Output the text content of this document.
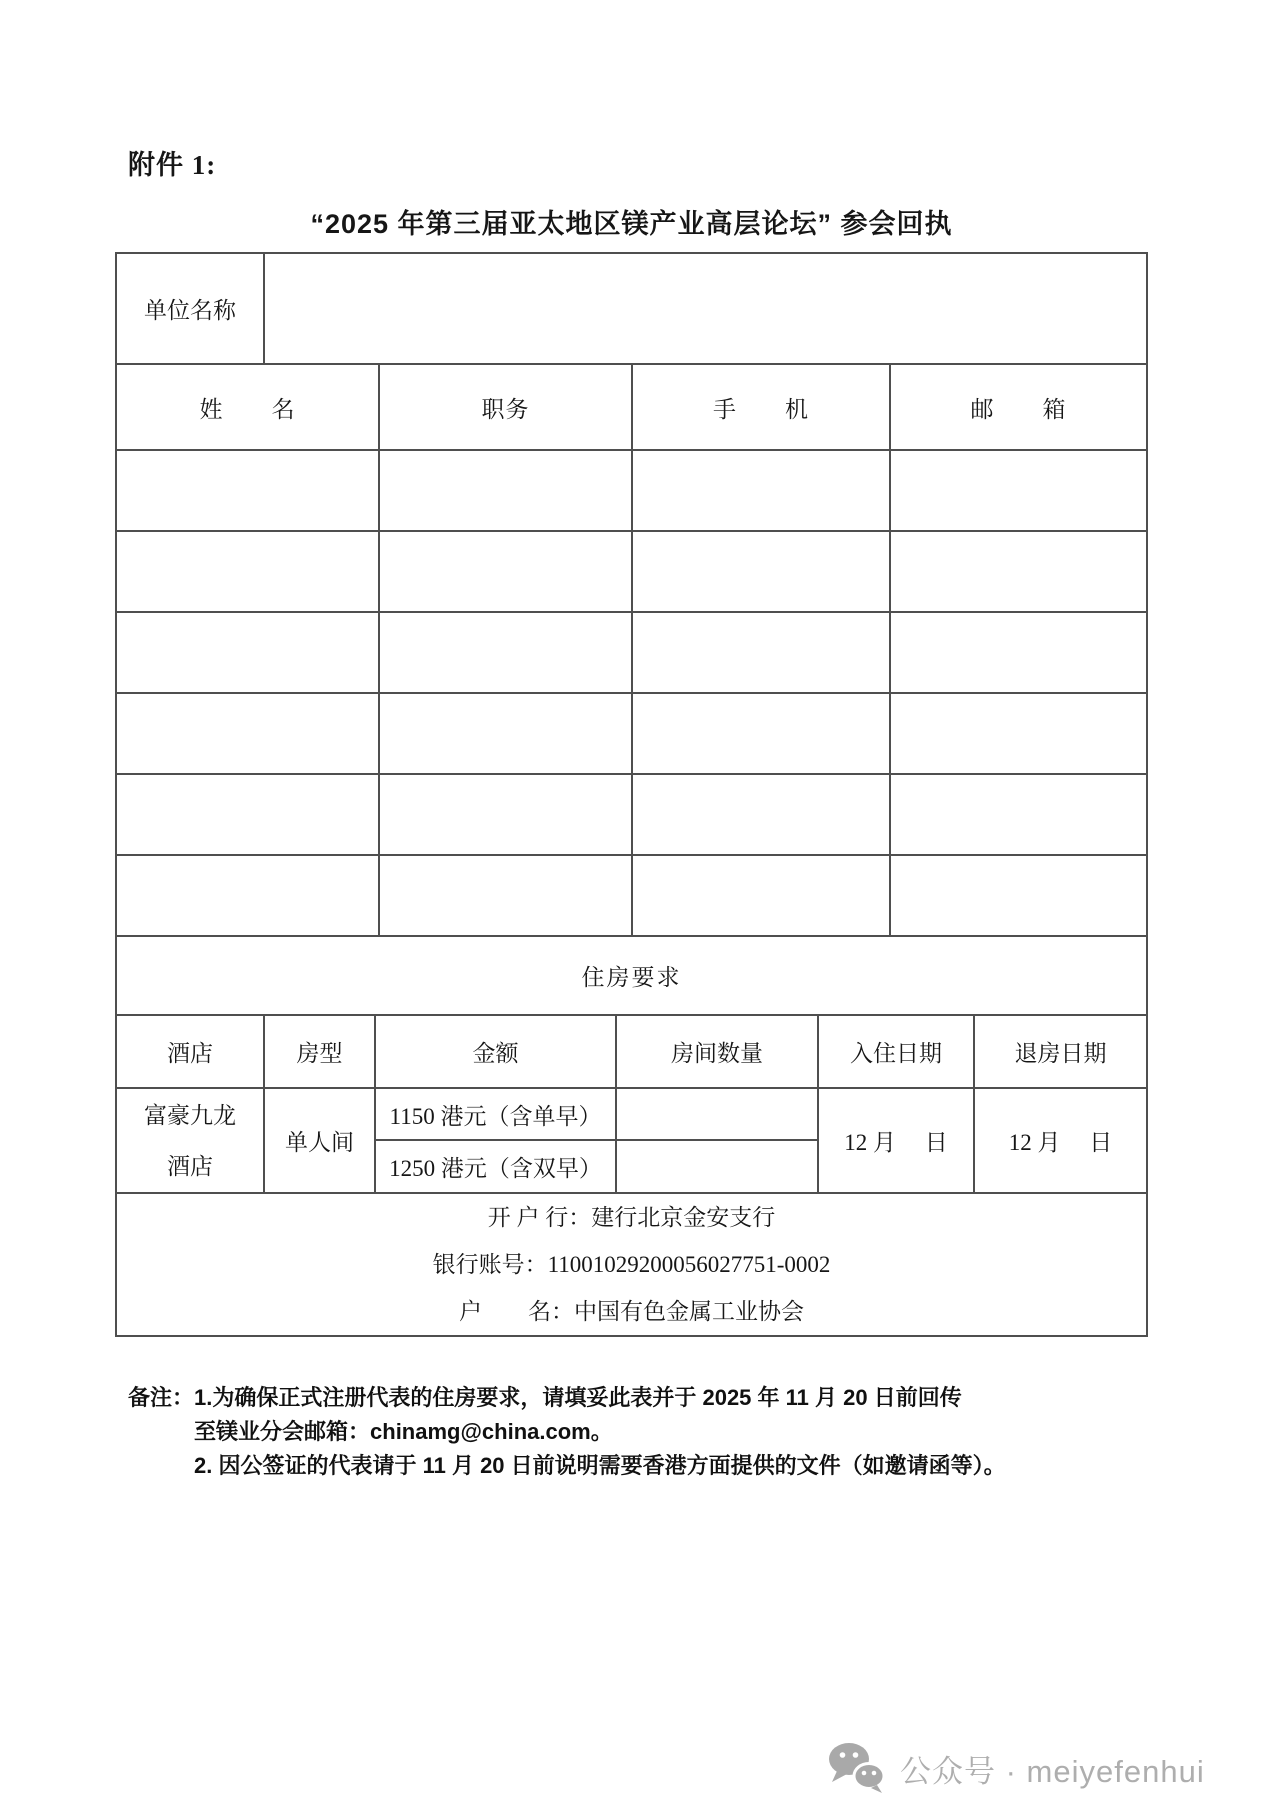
附件 1:
“2025 年第三届亚太地区镁产业高层论坛” 参会回执
单位名称	
姓　　名	职务	手　　机	邮　　箱

住房要求
酒店	房型	金额	房间数量	入住日期	退房日期

富豪九龙
酒店	单人间	1150 港元（含单早）		12 月　 日	12 月　 日
		1250 港元（含双早）			
开 户 行：建行北京金安支行
银行账号：11001029200056027751-0002
户　　名：中国有色金属工业协会
备注： 1.为确保正式注册代表的住房要求，请填妥此表并于 2025 年 11 月 20 日前回传
至镁业分会邮箱：chinamg@china.com。
2. 因公签证的代表请于 11 月 20 日前说明需要香港方面提供的文件（如邀请函等）。
公众号 · meiyefenhui
